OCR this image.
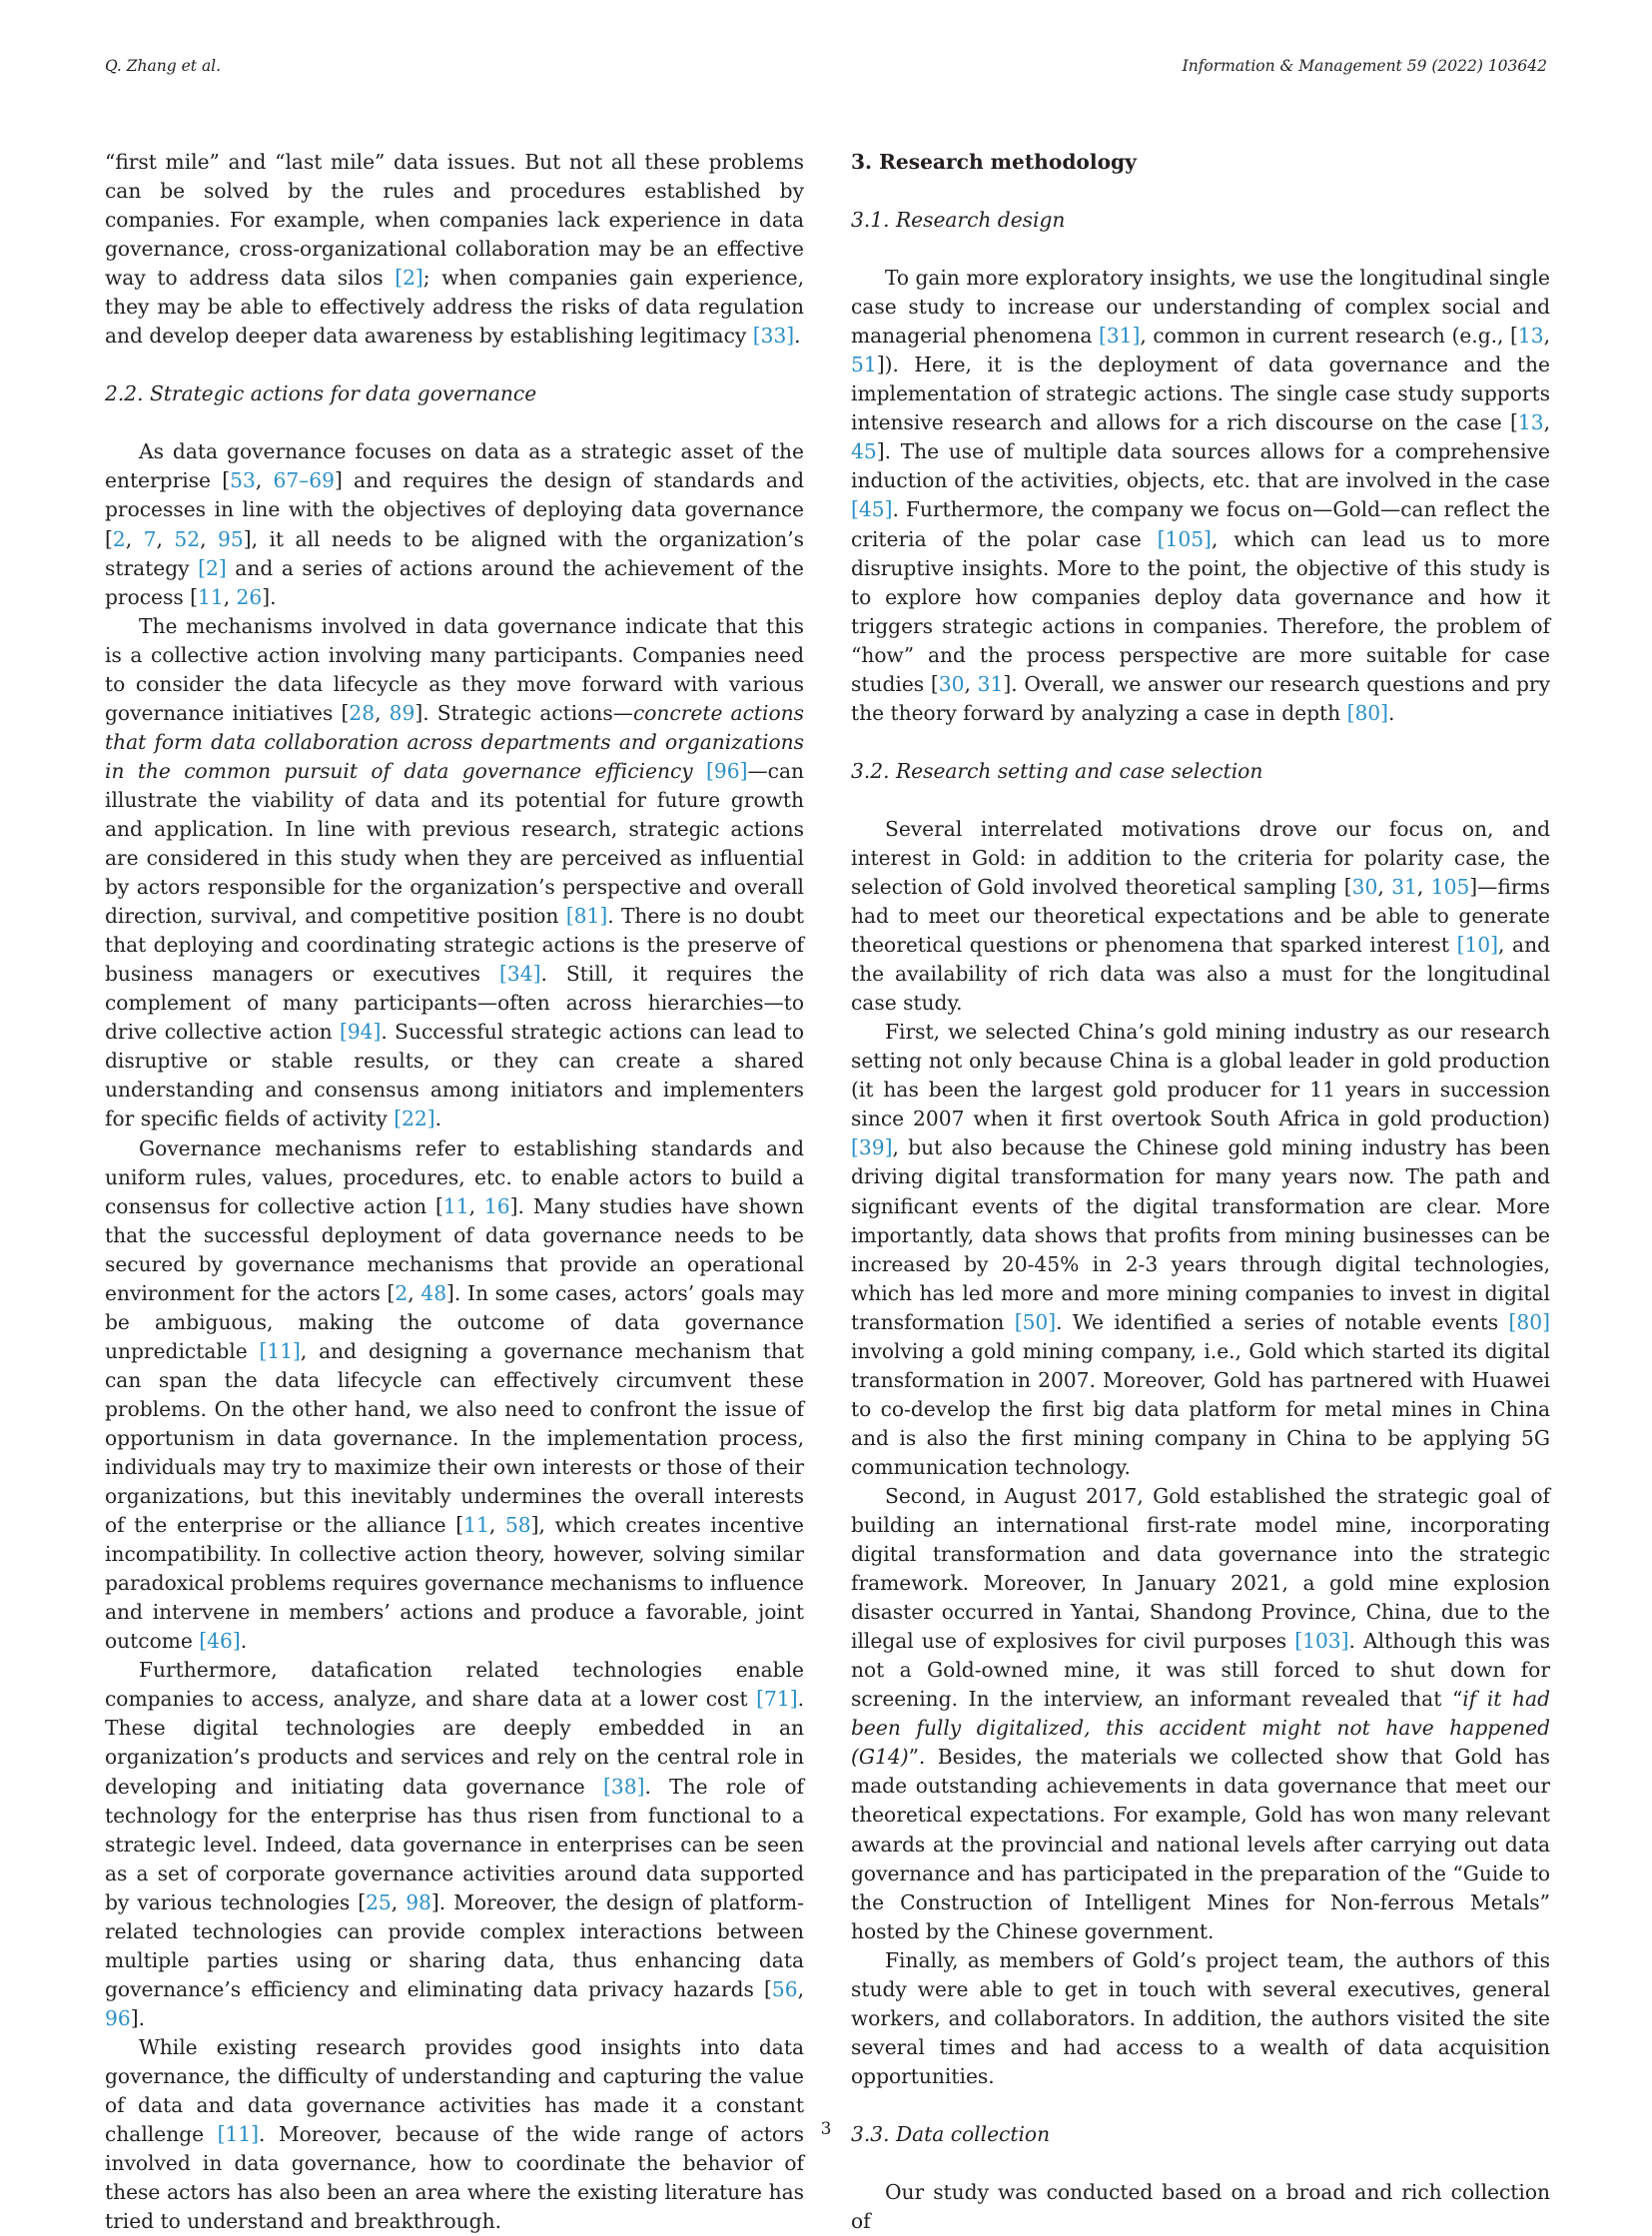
Q. Zhang et al.	Information & Management 59 (2022) 103642

“first mile” and “last mile” data issues. But not all these problems can be solved by the rules and procedures established by companies. For example, when companies lack experience in data governance, cross-organizational collaboration may be an effective way to address data silos [2]; when companies gain experience, they may be able to effectively address the risks of data regulation and develop deeper data awareness by establishing legitimacy [33].

2.2. Strategic actions for data governance

As data governance focuses on data as a strategic asset of the enterprise [53, 67–69] and requires the design of standards and processes in line with the objectives of deploying data governance [2, 7, 52, 95], it all needs to be aligned with the organization’s strategy [2] and a series of actions around the achievement of the process [11, 26].

The mechanisms involved in data governance indicate that this is a collective action involving many participants. Companies need to consider the data lifecycle as they move forward with various governance initiatives [28, 89]. Strategic actions—concrete actions that form data collaboration across departments and organizations in the common pursuit of data governance efficiency [96]—can illustrate the viability of data and its potential for future growth and application. In line with previous research, strategic actions are considered in this study when they are perceived as influential by actors responsible for the organization’s perspective and overall direction, survival, and competitive position [81]. There is no doubt that deploying and coordinating strategic actions is the preserve of business managers or executives [34]. Still, it requires the complement of many participants—often across hierarchies—to drive collective action [94]. Successful strategic actions can lead to disruptive or stable results, or they can create a shared understanding and consensus among initiators and implementers for specific fields of activity [22].

Governance mechanisms refer to establishing standards and uniform rules, values, procedures, etc. to enable actors to build a consensus for collective action [11, 16]. Many studies have shown that the successful deployment of data governance needs to be secured by governance mechanisms that provide an operational environment for the actors [2, 48]. In some cases, actors’ goals may be ambiguous, making the outcome of data governance unpredictable [11], and designing a governance mechanism that can span the data lifecycle can effectively circumvent these problems. On the other hand, we also need to confront the issue of opportunism in data governance. In the implementation process, individuals may try to maximize their own interests or those of their organizations, but this inevitably undermines the overall interests of the enterprise or the alliance [11, 58], which creates incentive incompatibility. In collective action theory, however, solving similar paradoxical problems requires governance mechanisms to influence and intervene in members’ actions and produce a favorable, joint outcome [46].

Furthermore, datafication related technologies enable companies to access, analyze, and share data at a lower cost [71]. These digital technologies are deeply embedded in an organization’s products and services and rely on the central role in developing and initiating data governance [38]. The role of technology for the enterprise has thus risen from functional to a strategic level. Indeed, data governance in enterprises can be seen as a set of corporate governance activities around data supported by various technologies [25, 98]. Moreover, the design of platform-related technologies can provide complex interactions between multiple parties using or sharing data, thus enhancing data governance’s efficiency and eliminating data privacy hazards [56, 96].

While existing research provides good insights into data governance, the difficulty of understanding and capturing the value of data and data governance activities has made it a constant challenge [11]. Moreover, because of the wide range of actors involved in data governance, how to coordinate the behavior of these actors has also been an area where the existing literature has tried to understand and breakthrough.

3. Research methodology
3.1. Research design

To gain more exploratory insights, we use the longitudinal single case study to increase our understanding of complex social and managerial phenomena [31], common in current research (e.g., [13, 51]). Here, it is the deployment of data governance and the implementation of strategic actions. The single case study supports intensive research and allows for a rich discourse on the case [13, 45]. The use of multiple data sources allows for a comprehensive induction of the activities, objects, etc. that are involved in the case [45]. Furthermore, the company we focus on—Gold—can reflect the criteria of the polar case [105], which can lead us to more disruptive insights. More to the point, the objective of this study is to explore how companies deploy data governance and how it triggers strategic actions in companies. Therefore, the problem of “how” and the process perspective are more suitable for case studies [30, 31]. Overall, we answer our research questions and pry the theory forward by analyzing a case in depth [80].

3.2. Research setting and case selection

Several interrelated motivations drove our focus on, and interest in Gold: in addition to the criteria for polarity case, the selection of Gold involved theoretical sampling [30, 31, 105]—firms had to meet our theoretical expectations and be able to generate theoretical questions or phenomena that sparked interest [10], and the availability of rich data was also a must for the longitudinal case study.

First, we selected China’s gold mining industry as our research setting not only because China is a global leader in gold production (it has been the largest gold producer for 11 years in succession since 2007 when it first overtook South Africa in gold production) [39], but also because the Chinese gold mining industry has been driving digital transformation for many years now. The path and significant events of the digital transformation are clear. More importantly, data shows that profits from mining businesses can be increased by 20-45% in 2-3 years through digital technologies, which has led more and more mining companies to invest in digital transformation [50]. We identified a series of notable events [80] involving a gold mining company, i.e., Gold which started its digital transformation in 2007. Moreover, Gold has partnered with Huawei to co-develop the first big data platform for metal mines in China and is also the first mining company in China to be applying 5G communication technology.

Second, in August 2017, Gold established the strategic goal of building an international first-rate model mine, incorporating digital transformation and data governance into the strategic framework. Moreover, In January 2021, a gold mine explosion disaster occurred in Yantai, Shandong Province, China, due to the illegal use of explosives for civil purposes [103]. Although this was not a Gold-owned mine, it was still forced to shut down for screening. In the interview, an informant revealed that “if it had been fully digitalized, this accident might not have happened (G14)”. Besides, the materials we collected show that Gold has made outstanding achievements in data governance that meet our theoretical expectations. For example, Gold has won many relevant awards at the provincial and national levels after carrying out data governance and has participated in the preparation of the “Guide to the Construction of Intelligent Mines for Non-ferrous Metals” hosted by the Chinese government.

Finally, as members of Gold’s project team, the authors of this study were able to get in touch with several executives, general workers, and collaborators. In addition, the authors visited the site several times and had access to a wealth of data acquisition opportunities.

3.3. Data collection

Our study was conducted based on a broad and rich collection of

3
